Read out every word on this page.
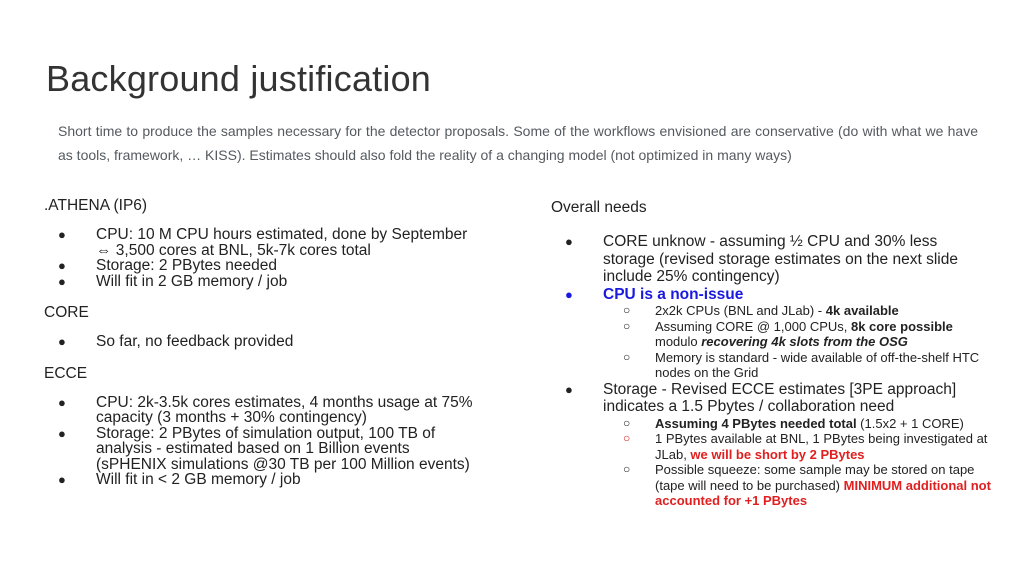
Background justification
Short time to produce the samples necessary for the detector proposals. Some of the workflows envisioned are conservative (do with what we have as tools, framework, … KISS). Estimates should also fold the reality of a changing model (not optimized in many ways)

.ATHENA (IP6)

● CPU: 10 M CPU hours estimated, done by September ⇔ 3,500 cores at BNL, 5k-7k cores total
● Storage: 2 PBytes needed
● Will fit in 2 GB memory / job

CORE

● So far, no feedback provided

ECCE

● CPU: 2k-3.5k cores estimates, 4 months usage at 75% capacity (3 months + 30% contingency)
● Storage: 2 PBytes of simulation output, 100 TB of analysis - estimated based on 1 Billion events (sPHENIX simulations @30 TB per 100 Million events)
● Will fit in < 2 GB memory / job

Overall needs

● CORE unknow - assuming ½ CPU and 30% less storage (revised storage estimates on the next slide include 25% contingency)
● CPU is a non-issue
○ 2x2k CPUs (BNL and JLab) - 4k available
○ Assuming CORE @ 1,000 CPUs, 8k core possible modulo recovering 4k slots from the OSG
○ Memory is standard - wide available of off-the-shelf HTC nodes on the Grid
● Storage - Revised ECCE estimates [3PE approach] indicates a 1.5 Pbytes / collaboration need
○ Assuming 4 PBytes needed total (1.5x2 + 1 CORE)
○ 1 PBytes available at BNL, 1 PBytes being investigated at JLab, we will be short by 2 PBytes
○ Possible squeeze: some sample may be stored on tape (tape will need to be purchased) MINIMUM additional not accounted for +1 PBytes
